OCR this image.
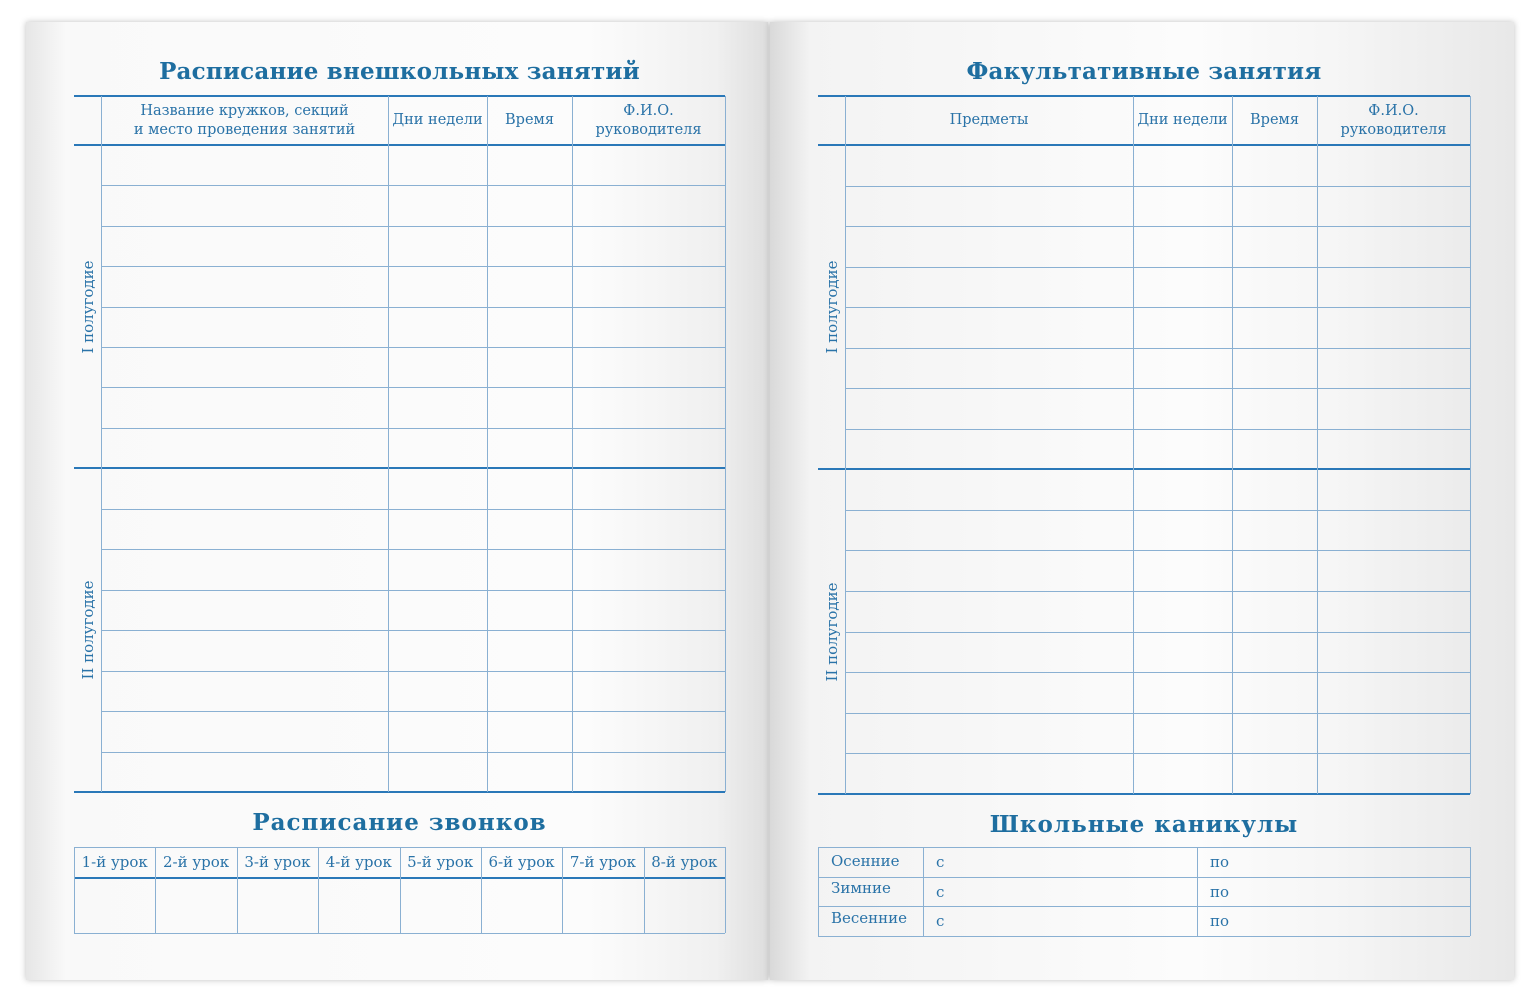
Расписание внешкольных занятий
Название кружков, секций
и место проведения занятий
Дни недели	Время
Ф.И.О.
руководителя
I полугодие
II полугодие
Факультативные занятия
Предметы	Дни недели	Время
Ф.И.О.
руководителя
I полугодие
II полугодие
Расписание звонков
1-й урок	2-й урок	3-й урок	4-й урок	5-й урок	6-й урок	7-й урок	8-й урок
Школьные каникулы
Осенние с	по
Зимние	с	по
Весенние с	по
